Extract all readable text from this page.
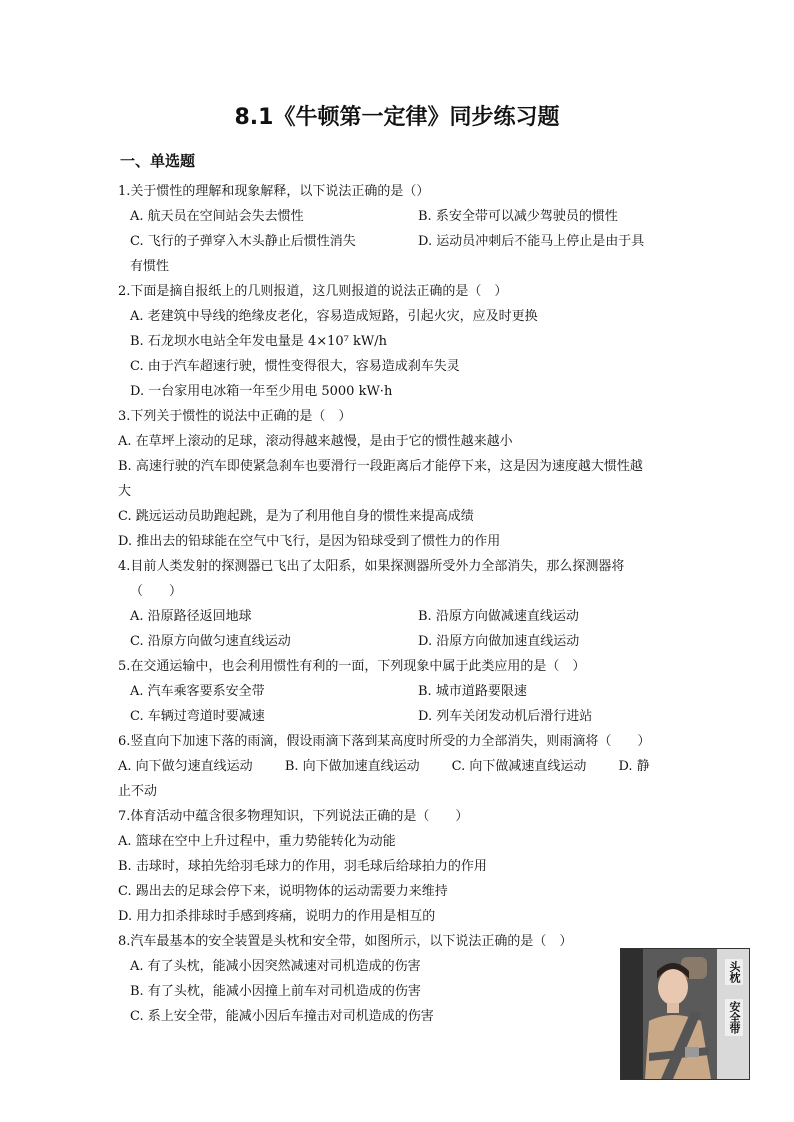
8.1《牛顿第一定律》同步练习题
一、单选题
1.关于惯性的理解和现象解释，以下说法正确的是（）
A. 航天员在空间站会失去惯性	B. 系安全带可以减少驾驶员的惯性
C. 飞行的子弹穿入木头静止后惯性消失	D. 运动员冲刺后不能马上停止是由于具
有惯性
2.下面是摘自报纸上的几则报道，这几则报道的说法正确的是（　）
A. 老建筑中导线的绝缘皮老化，容易造成短路，引起火灾，应及时更换
B. 石龙坝水电站全年发电量是 4×10⁷ kW/h
C. 由于汽车超速行驶，惯性变得很大，容易造成刹车失灵
D. 一台家用电冰箱一年至少用电 5000 kW·h
3.下列关于惯性的说法中正确的是（　）
A. 在草坪上滚动的足球，滚动得越来越慢，是由于它的惯性越来越小
B. 高速行驶的汽车即使紧急刹车也要滑行一段距离后才能停下来，这是因为速度越大惯性越
大
C. 跳远运动员助跑起跳，是为了利用他自身的惯性来提高成绩
D. 推出去的铅球能在空气中飞行，是因为铅球受到了惯性力的作用
4.目前人类发射的探测器已飞出了太阳系，如果探测器所受外力全部消失，那么探测器将
（　　）
A. 沿原路径返回地球	B. 沿原方向做减速直线运动
C. 沿原方向做匀速直线运动	D. 沿原方向做加速直线运动
5.在交通运输中，也会利用惯性有利的一面，下列现象中属于此类应用的是（　）
A. 汽车乘客要系安全带	B. 城市道路要限速
C. 车辆过弯道时要减速	D. 列车关闭发动机后滑行进站
6.竖直向下加速下落的雨滴，假设雨滴下落到某高度时所受的力全部消失，则雨滴将（　　）
A. 向下做匀速直线运动	B. 向下做加速直线运动	C. 向下做减速直线运动	D. 静
止不动
7.体育活动中蕴含很多物理知识，下列说法正确的是（　　）
A. 篮球在空中上升过程中，重力势能转化为动能
B. 击球时，球拍先给羽毛球力的作用，羽毛球后给球拍力的作用
C. 踢出去的足球会停下来，说明物体的运动需要力来维持
D. 用力扣杀排球时手感到疼痛，说明力的作用是相互的
8.汽车最基本的安全装置是头枕和安全带，如图所示，以下说法正确的是（　）
A. 有了头枕，能减小因突然减速对司机造成的伤害
B. 有了头枕，能减小因撞上前车对司机造成的伤害
C. 系上安全带，能减小因后车撞击对司机造成的伤害
头枕
安全带
